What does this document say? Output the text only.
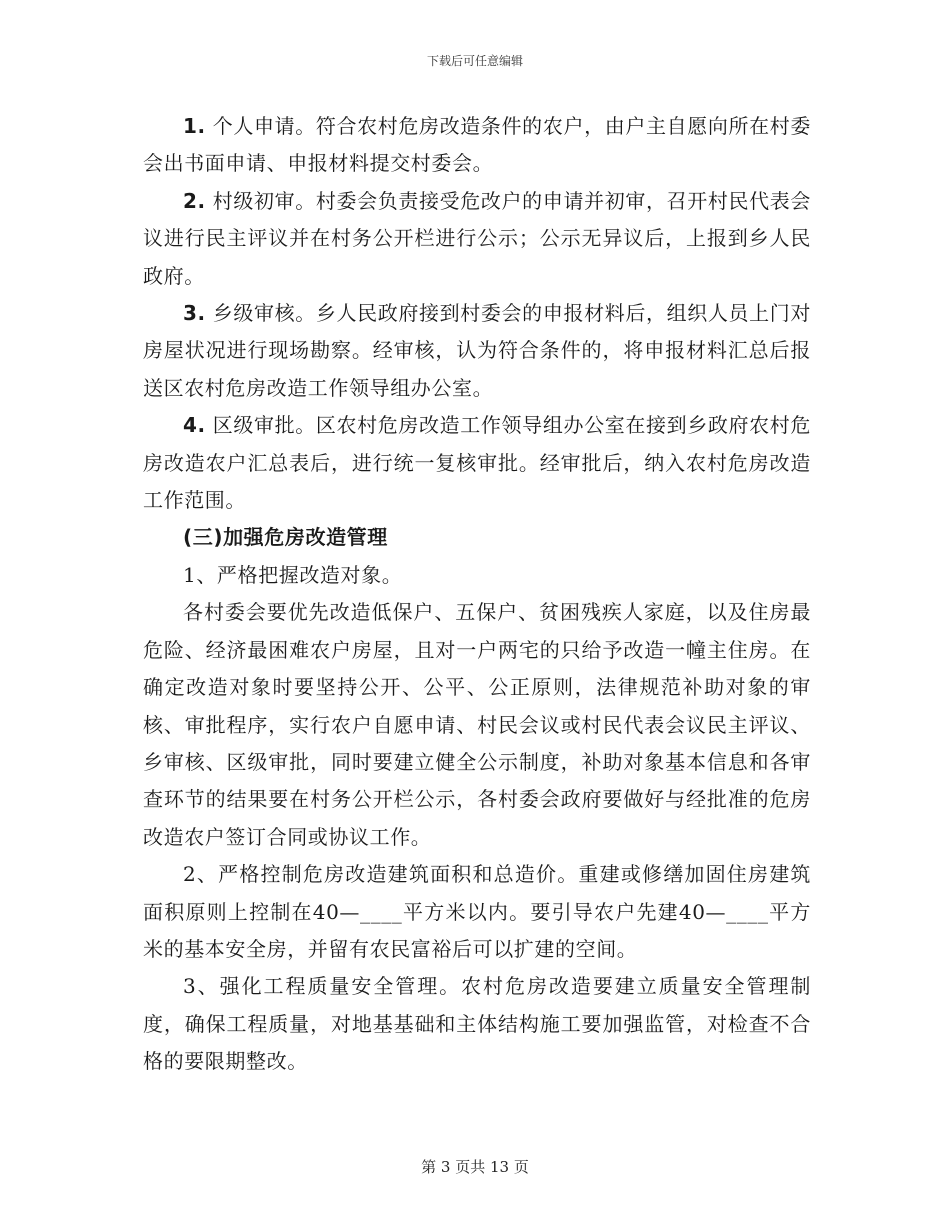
下载后可任意编辑

1. 个人申请。符合农村危房改造条件的农户，由户主自愿向所在村委会出书面申请、申报材料提交村委会。

2. 村级初审。村委会负责接受危改户的申请并初审，召开村民代表会议进行民主评议并在村务公开栏进行公示；公示无异议后，上报到乡人民政府。

3. 乡级审核。乡人民政府接到村委会的申报材料后，组织人员上门对房屋状况进行现场勘察。经审核，认为符合条件的，将申报材料汇总后报送区农村危房改造工作领导组办公室。

4. 区级审批。区农村危房改造工作领导组办公室在接到乡政府农村危房改造农户汇总表后，进行统一复核审批。经审批后，纳入农村危房改造工作范围。

(三)加强危房改造管理

1、严格把握改造对象。

各村委会要优先改造低保户、五保户、贫困残疾人家庭，以及住房最危险、经济最困难农户房屋，且对一户两宅的只给予改造一幢主住房。在确定改造对象时要坚持公开、公平、公正原则，法律规范补助对象的审核、审批程序，实行农户自愿申请、村民会议或村民代表会议民主评议、乡审核、区级审批，同时要建立健全公示制度，补助对象基本信息和各审查环节的结果要在村务公开栏公示，各村委会政府要做好与经批准的危房改造农户签订合同或协议工作。

2、严格控制危房改造建筑面积和总造价。重建或修缮加固住房建筑面积原则上控制在40—____平方米以内。要引导农户先建40—____平方米的基本安全房，并留有农民富裕后可以扩建的空间。

3、强化工程质量安全管理。农村危房改造要建立质量安全管理制度，确保工程质量，对地基基础和主体结构施工要加强监管，对检查不合格的要限期整改。

第 3 页共 13 页
